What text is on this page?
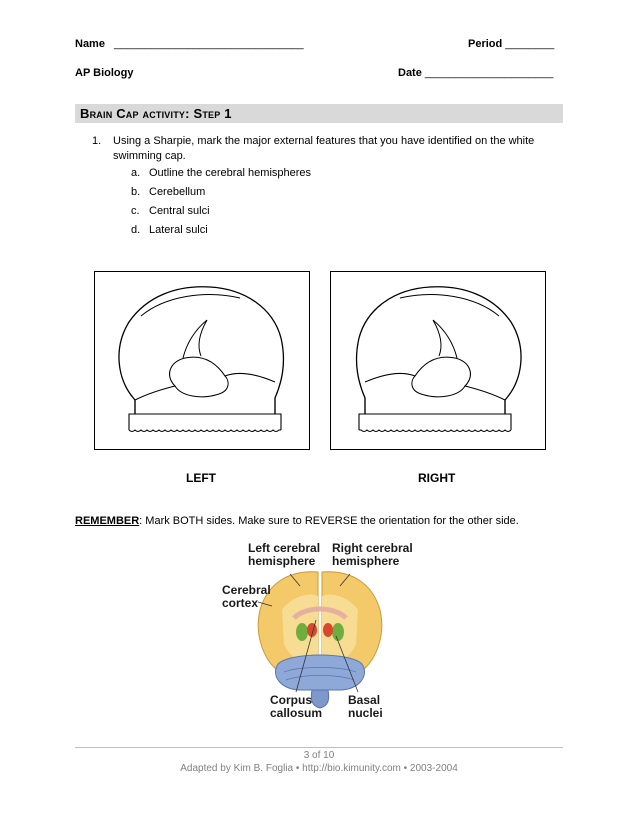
Name _______________________________	Period ________
AP Biology	Date _____________________
Brain Cap activity: Step 1
1. Using a Sharpie, mark the major external features that you have identified on the white
swimming cap.
a. Outline the cerebral hemispheres
b. Cerebellum
c. Central sulci
d. Lateral sulci
LEFT	RIGHT
REMEMBER: Mark BOTH sides. Make sure to REVERSE the orientation for the other side.
Left cerebral
hemisphere
Right cerebral
hemisphere
Cerebral
cortex
Corpus
callosum
Basal
nuclei
3 of 10
Adapted by Kim B. Foglia • http://bio.kimunity.com • 2003-2004
